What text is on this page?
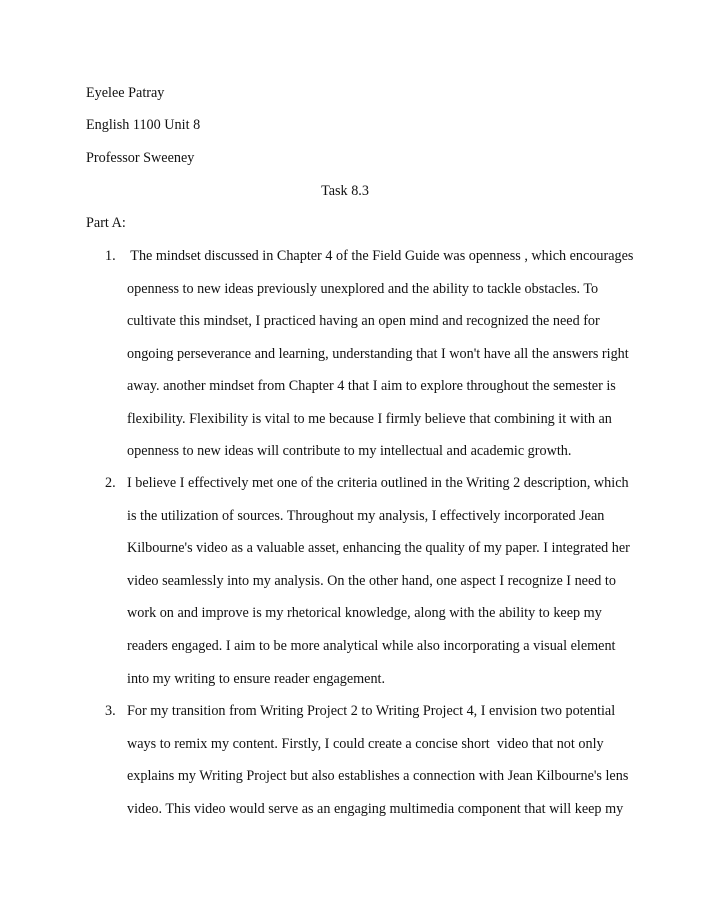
Eyelee Patray
English 1100 Unit 8
Professor Sweeney
Task 8.3
Part A:
1. The mindset discussed in Chapter 4 of the Field Guide was openness , which encourages
openness to new ideas previously unexplored and the ability to tackle obstacles. To
cultivate this mindset, I practiced having an open mind and recognized the need for
ongoing perseverance and learning, understanding that I won't have all the answers right
away. another mindset from Chapter 4 that I aim to explore throughout the semester is
flexibility. Flexibility is vital to me because I firmly believe that combining it with an
openness to new ideas will contribute to my intellectual and academic growth.
2. I believe I effectively met one of the criteria outlined in the Writing 2 description, which
is the utilization of sources. Throughout my analysis, I effectively incorporated Jean
Kilbourne's video as a valuable asset, enhancing the quality of my paper. I integrated her
video seamlessly into my analysis. On the other hand, one aspect I recognize I need to
work on and improve is my rhetorical knowledge, along with the ability to keep my
readers engaged. I aim to be more analytical while also incorporating a visual element
into my writing to ensure reader engagement.
3. For my transition from Writing Project 2 to Writing Project 4, I envision two potential
ways to remix my content. Firstly, I could create a concise short  video that not only
explains my Writing Project but also establishes a connection with Jean Kilbourne's lens
video. This video would serve as an engaging multimedia component that will keep my
